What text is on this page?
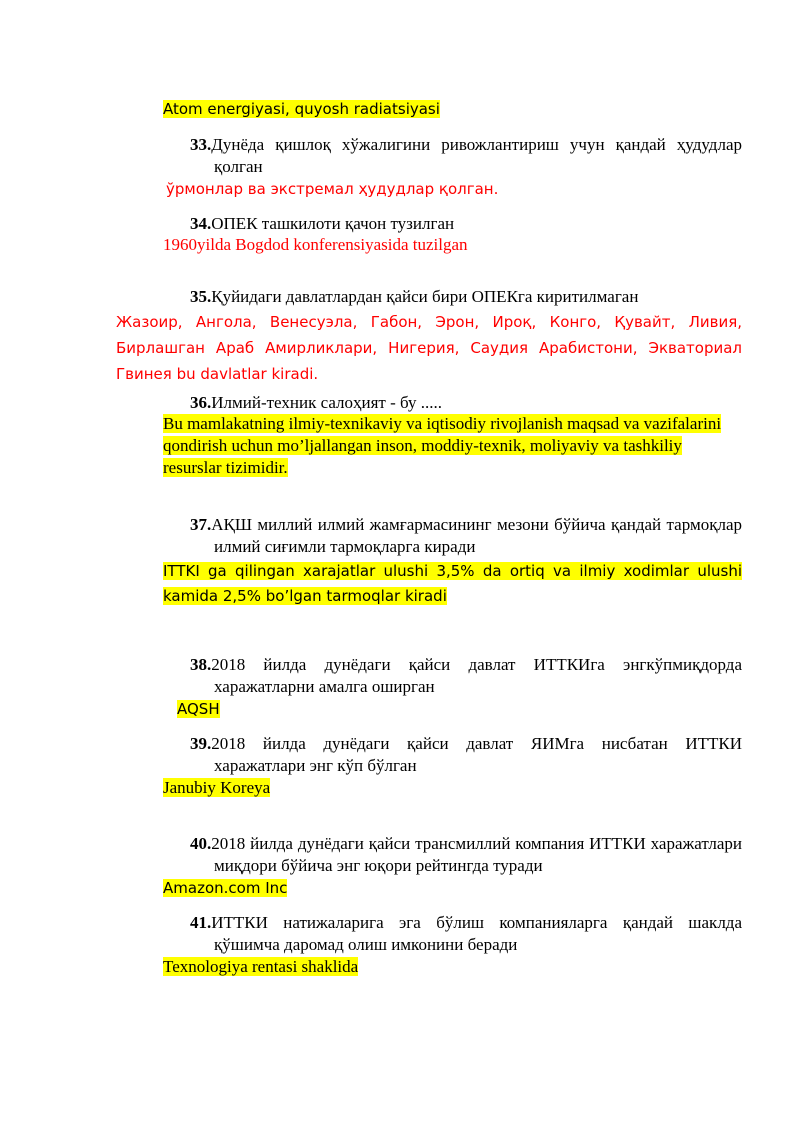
Atom energiyasi, quyosh radiatsiyasi
33.Дунёда қишлоқ хўжалигини ривожлантириш учун қандай ҳудудлар қолган
ўрмонлар ва экстремал ҳудудлар қолган.
34.ОПЕК ташкилоти қачон тузилган
1960yilda Bogdod konferensiyasida tuzilgan
35.Қуйидаги давлатлардан қайси бири ОПЕКга киритилмаган
Жазоир, Ангола, Венесуэла, Габон, Эрон, Ироқ, Конго, Қувайт, Ливия, Бирлашган Араб Амирликлари, Нигерия, Саудия Арабистони, Экваториал Гвинея bu davlatlar kiradi.
36.Илмий-техник салоҳият - бу .....
Bu mamlakatning ilmiy-texnikaviy va iqtisodiy rivojlanish maqsad va vazifalarini qondirish uchun mo’ljallangan inson, moddiy-texnik, moliyaviy va tashkiliy resurslar tizimidir.
37.АҚШ миллий илмий жамғармасининг мезони бўйича қандай тармоқлар илмий сиғимли тармоқларга киради
ITTKI ga qilingan xarajatlar ulushi 3,5% da ortiq va ilmiy xodimlar ulushi kamida 2,5% bo’lgan tarmoqlar kiradi
38.2018 йилда дунёдаги қайси давлат ИТТКИга энгкўпмиқдорда харажатларни амалга оширган
AQSH
39.2018 йилда дунёдаги қайси давлат ЯИМга нисбатан ИТТКИ харажатлари энг кўп бўлган
Janubiy Koreya
40.2018 йилда дунёдаги қайси трансмиллий компания ИТТКИ харажатлари миқдори бўйича энг юқори рейтингда туради
Amazon.com Inc
41.ИТТКИ натижаларига эга бўлиш компанияларга қандай шаклда қўшимча даромад олиш имконини беради
Texnologiya rentasi shaklida
